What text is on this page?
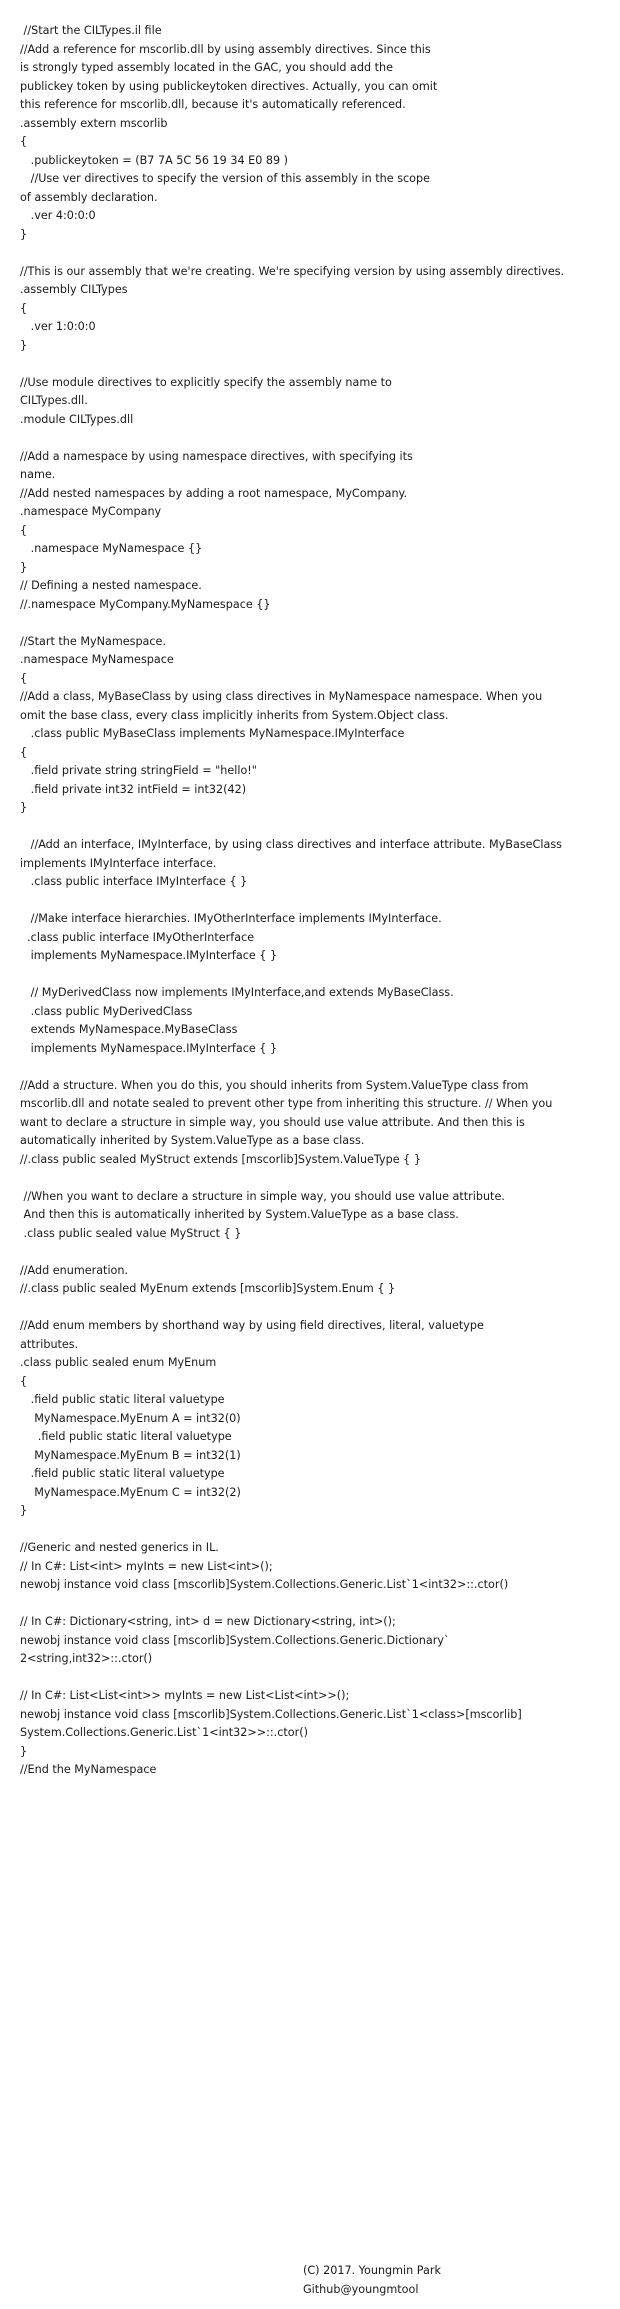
//Start the CILTypes.il file
//Add a reference for mscorlib.dll by using assembly directives. Since this
is strongly typed assembly located in the GAC, you should add the
publickey token by using publickeytoken directives. Actually, you can omit
this reference for mscorlib.dll, because it's automatically referenced.
.assembly extern mscorlib
{
.publickeytoken = (B7 7A 5C 56 19 34 E0 89 )
//Use ver directives to specify the version of this assembly in the scope
of assembly declaration.
.ver 4:0:0:0
}
//This is our assembly that we're creating. We're specifying version by using assembly directives.
.assembly CILTypes
{
.ver 1:0:0:0
}
//Use module directives to explicitly specify the assembly name to
CILTypes.dll.
.module CILTypes.dll
//Add a namespace by using namespace directives, with specifying its
name.
//Add nested namespaces by adding a root namespace, MyCompany.
.namespace MyCompany
{
.namespace MyNamespace {}
}
// Defining a nested namespace.
//.namespace MyCompany.MyNamespace {}
//Start the MyNamespace.
.namespace MyNamespace
{
//Add a class, MyBaseClass by using class directives in MyNamespace namespace. When you
omit the base class, every class implicitly inherits from System.Object class.
.class public MyBaseClass implements MyNamespace.IMyInterface
{
.field private string stringField = "hello!"
.field private int32 intField = int32(42)
}
//Add an interface, IMyInterface, by using class directives and interface attribute. MyBaseClass
implements IMyInterface interface.
.class public interface IMyInterface { }
//Make interface hierarchies. IMyOtherInterface implements IMyInterface.
.class public interface IMyOtherInterface
implements MyNamespace.IMyInterface { }
// MyDerivedClass now implements IMyInterface,and extends MyBaseClass.
.class public MyDerivedClass
extends MyNamespace.MyBaseClass
implements MyNamespace.IMyInterface { }
//Add a structure. When you do this, you should inherits from System.ValueType class from
mscorlib.dll and notate sealed to prevent other type from inheriting this structure. // When you
want to declare a structure in simple way, you should use value attribute. And then this is
automatically inherited by System.ValueType as a base class.
//.class public sealed MyStruct extends [mscorlib]System.ValueType { }
//When you want to declare a structure in simple way, you should use value attribute.
And then this is automatically inherited by System.ValueType as a base class.
.class public sealed value MyStruct { }
//Add enumeration.
//.class public sealed MyEnum extends [mscorlib]System.Enum { }
//Add enum members by shorthand way by using field directives, literal, valuetype
attributes.
.class public sealed enum MyEnum
{
.field public static literal valuetype
MyNamespace.MyEnum A = int32(0)
.field public static literal valuetype
MyNamespace.MyEnum B = int32(1)
.field public static literal valuetype
MyNamespace.MyEnum C = int32(2)
}
//Generic and nested generics in IL.
// In C#: List<int> myInts = new List<int>();
newobj instance void class [mscorlib]System.Collections.Generic.List`1<int32>::.ctor()
// In C#: Dictionary<string, int> d = new Dictionary<string, int>();
newobj instance void class [mscorlib]System.Collections.Generic.Dictionary`
2<string,int32>::.ctor()
// In C#: List<List<int>> myInts = new List<List<int>>();
newobj instance void class [mscorlib]System.Collections.Generic.List`1<class>[mscorlib]
System.Collections.Generic.List`1<int32>>::.ctor()
}
//End the MyNamespace
(C) 2017. Youngmin Park
Github@youngmtool
